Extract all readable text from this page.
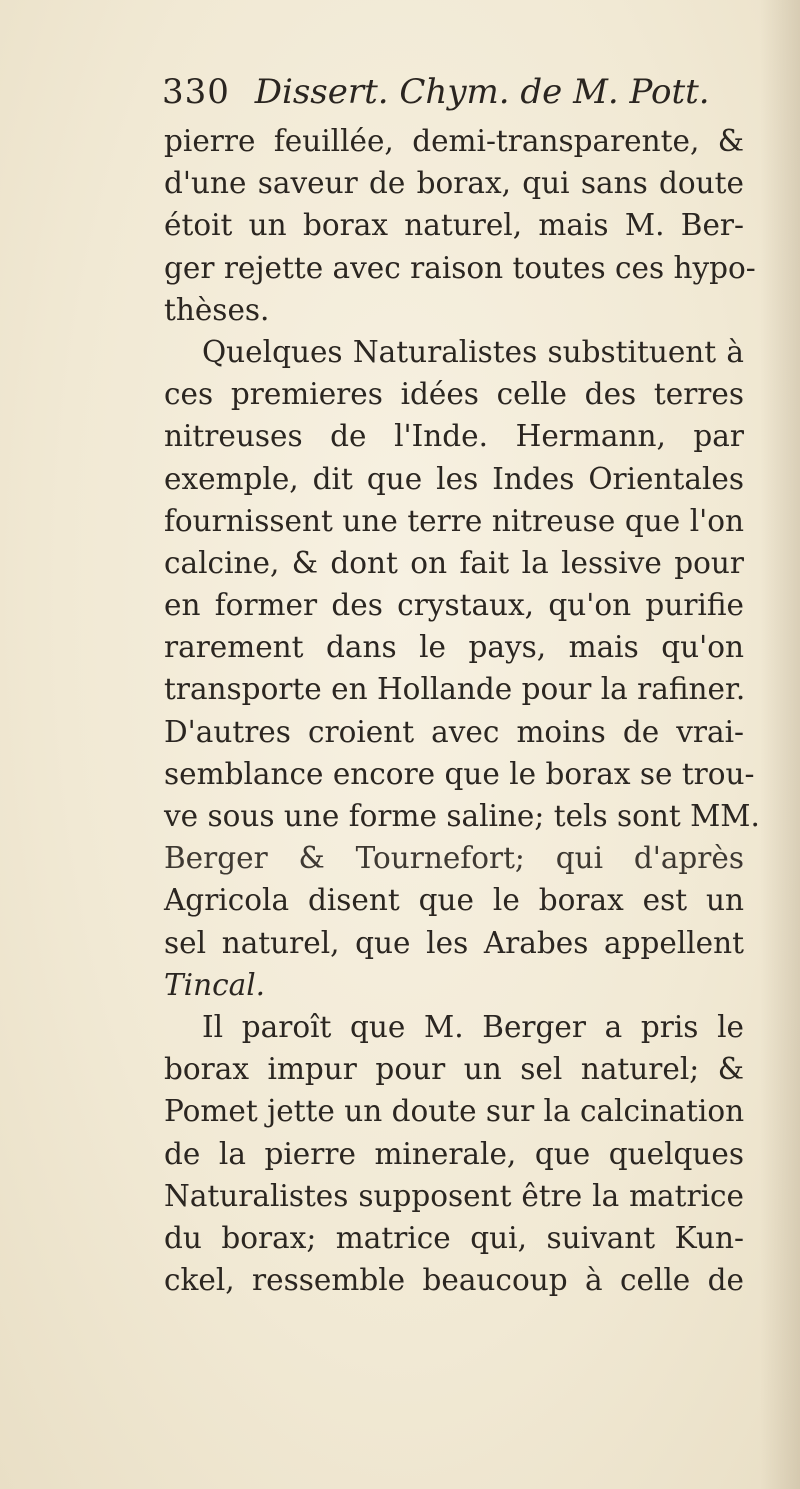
330 Dissert. Chym. de M. Pott.
pierre feuillée, demi-transparente, &
d'une saveur de borax, qui sans doute
étoit un borax naturel, mais M. Ber-
ger rejette avec raison toutes ces hypo-
thèses.
Quelques Naturalistes substituent à
ces premieres idées celle des terres
nitreuses de l'Inde. Hermann, par
exemple, dit que les Indes Orientales
fournissent une terre nitreuse que l'on
calcine, & dont on fait la lessive pour
en former des crystaux, qu'on purifie
rarement dans le pays, mais qu'on
transporte en Hollande pour la rafiner.
D'autres croient avec moins de vrai-
semblance encore que le borax se trou-
ve sous une forme saline; tels sont MM.
Berger & Tournefort; qui d'après
Agricola disent que le borax est un
sel naturel, que les Arabes appellent
Tincal.
Il paroît que M. Berger a pris le
borax impur pour un sel naturel; &
Pomet jette un doute sur la calcination
de la pierre minerale, que quelques
Naturalistes supposent être la matrice
du borax; matrice qui, suivant Kun-
ckel, ressemble beaucoup à celle de
